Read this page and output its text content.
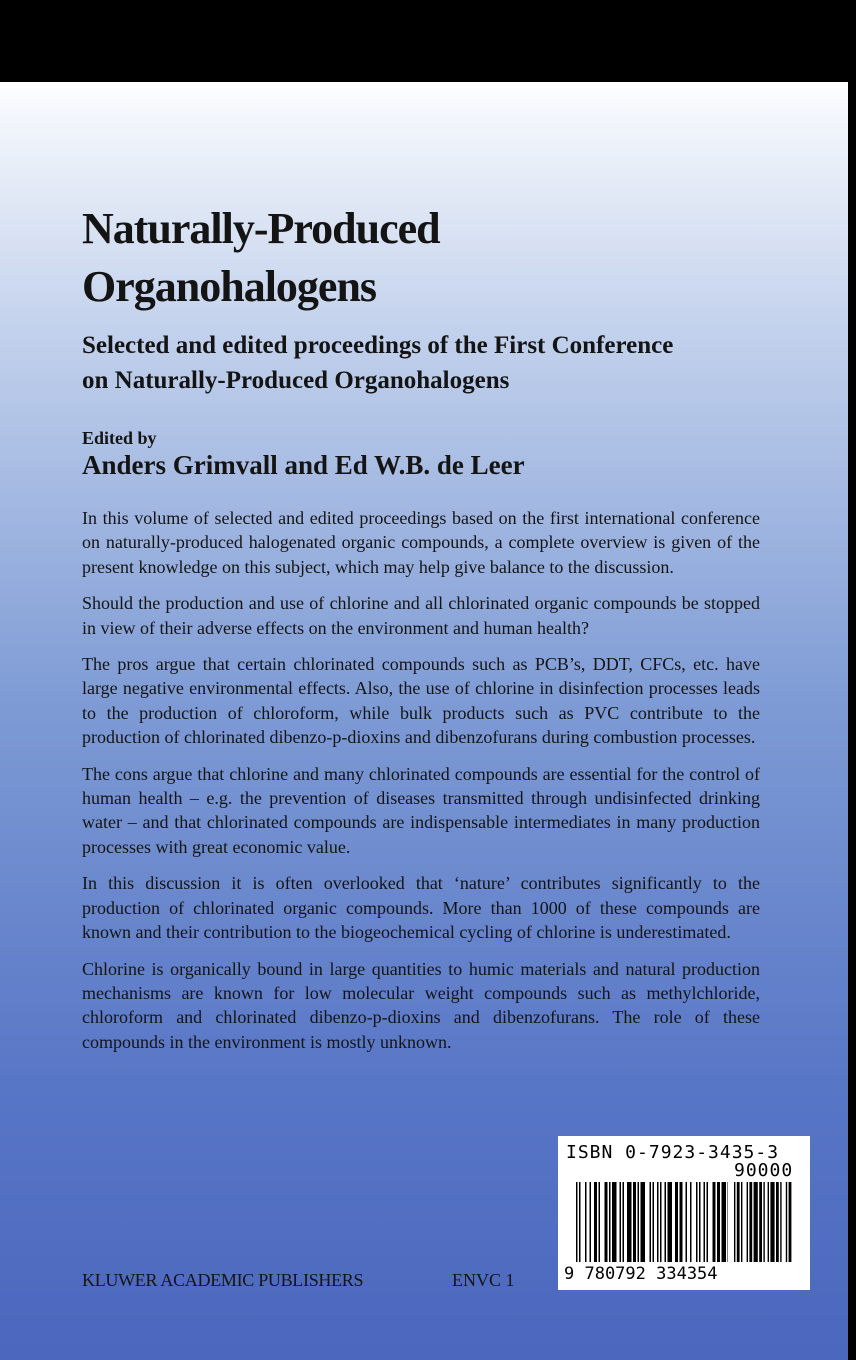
Naturally-Produced
Organohalogens
Selected and edited proceedings of the First Conference
on Naturally-Produced Organohalogens
Edited by
Anders Grimvall and Ed W.B. de Leer

In this volume of selected and edited proceedings based on the first international conference on naturally-produced halogenated organic compounds, a complete overview is given of the present knowledge on this subject, which may help give balance to the discussion.

Should the production and use of chlorine and all chlorinated organic compounds be stopped in view of their adverse effects on the environment and human health?

The pros argue that certain chlorinated compounds such as PCB’s, DDT, CFCs, etc. have large negative environmental effects. Also, the use of chlorine in disinfection processes leads to the production of chloroform, while bulk products such as PVC contribute to the production of chlorinated dibenzo-p-dioxins and dibenzofurans during combustion processes.

The cons argue that chlorine and many chlorinated compounds are essential for the control of human health – e.g. the prevention of diseases transmitted through undisinfected drinking water – and that chlorinated compounds are indispensable intermediates in many production processes with great economic value.

In this discussion it is often overlooked that ‘nature’ contributes significantly to the production of chlorinated organic compounds. More than 1000 of these compounds are known and their contribution to the biogeochemical cycling of chlorine is underestimated.

Chlorine is organically bound in large quantities to humic materials and natural production mechanisms are known for low molecular weight compounds such as methylchloride, chloroform and chlorinated dibenzo-p-dioxins and dibenzofurans. The role of these compounds in the environment is mostly unknown.

KLUWER ACADEMIC PUBLISHERS	ENVC 1
ISBN 0-7923-3435-3
90000
9 780792 334354
